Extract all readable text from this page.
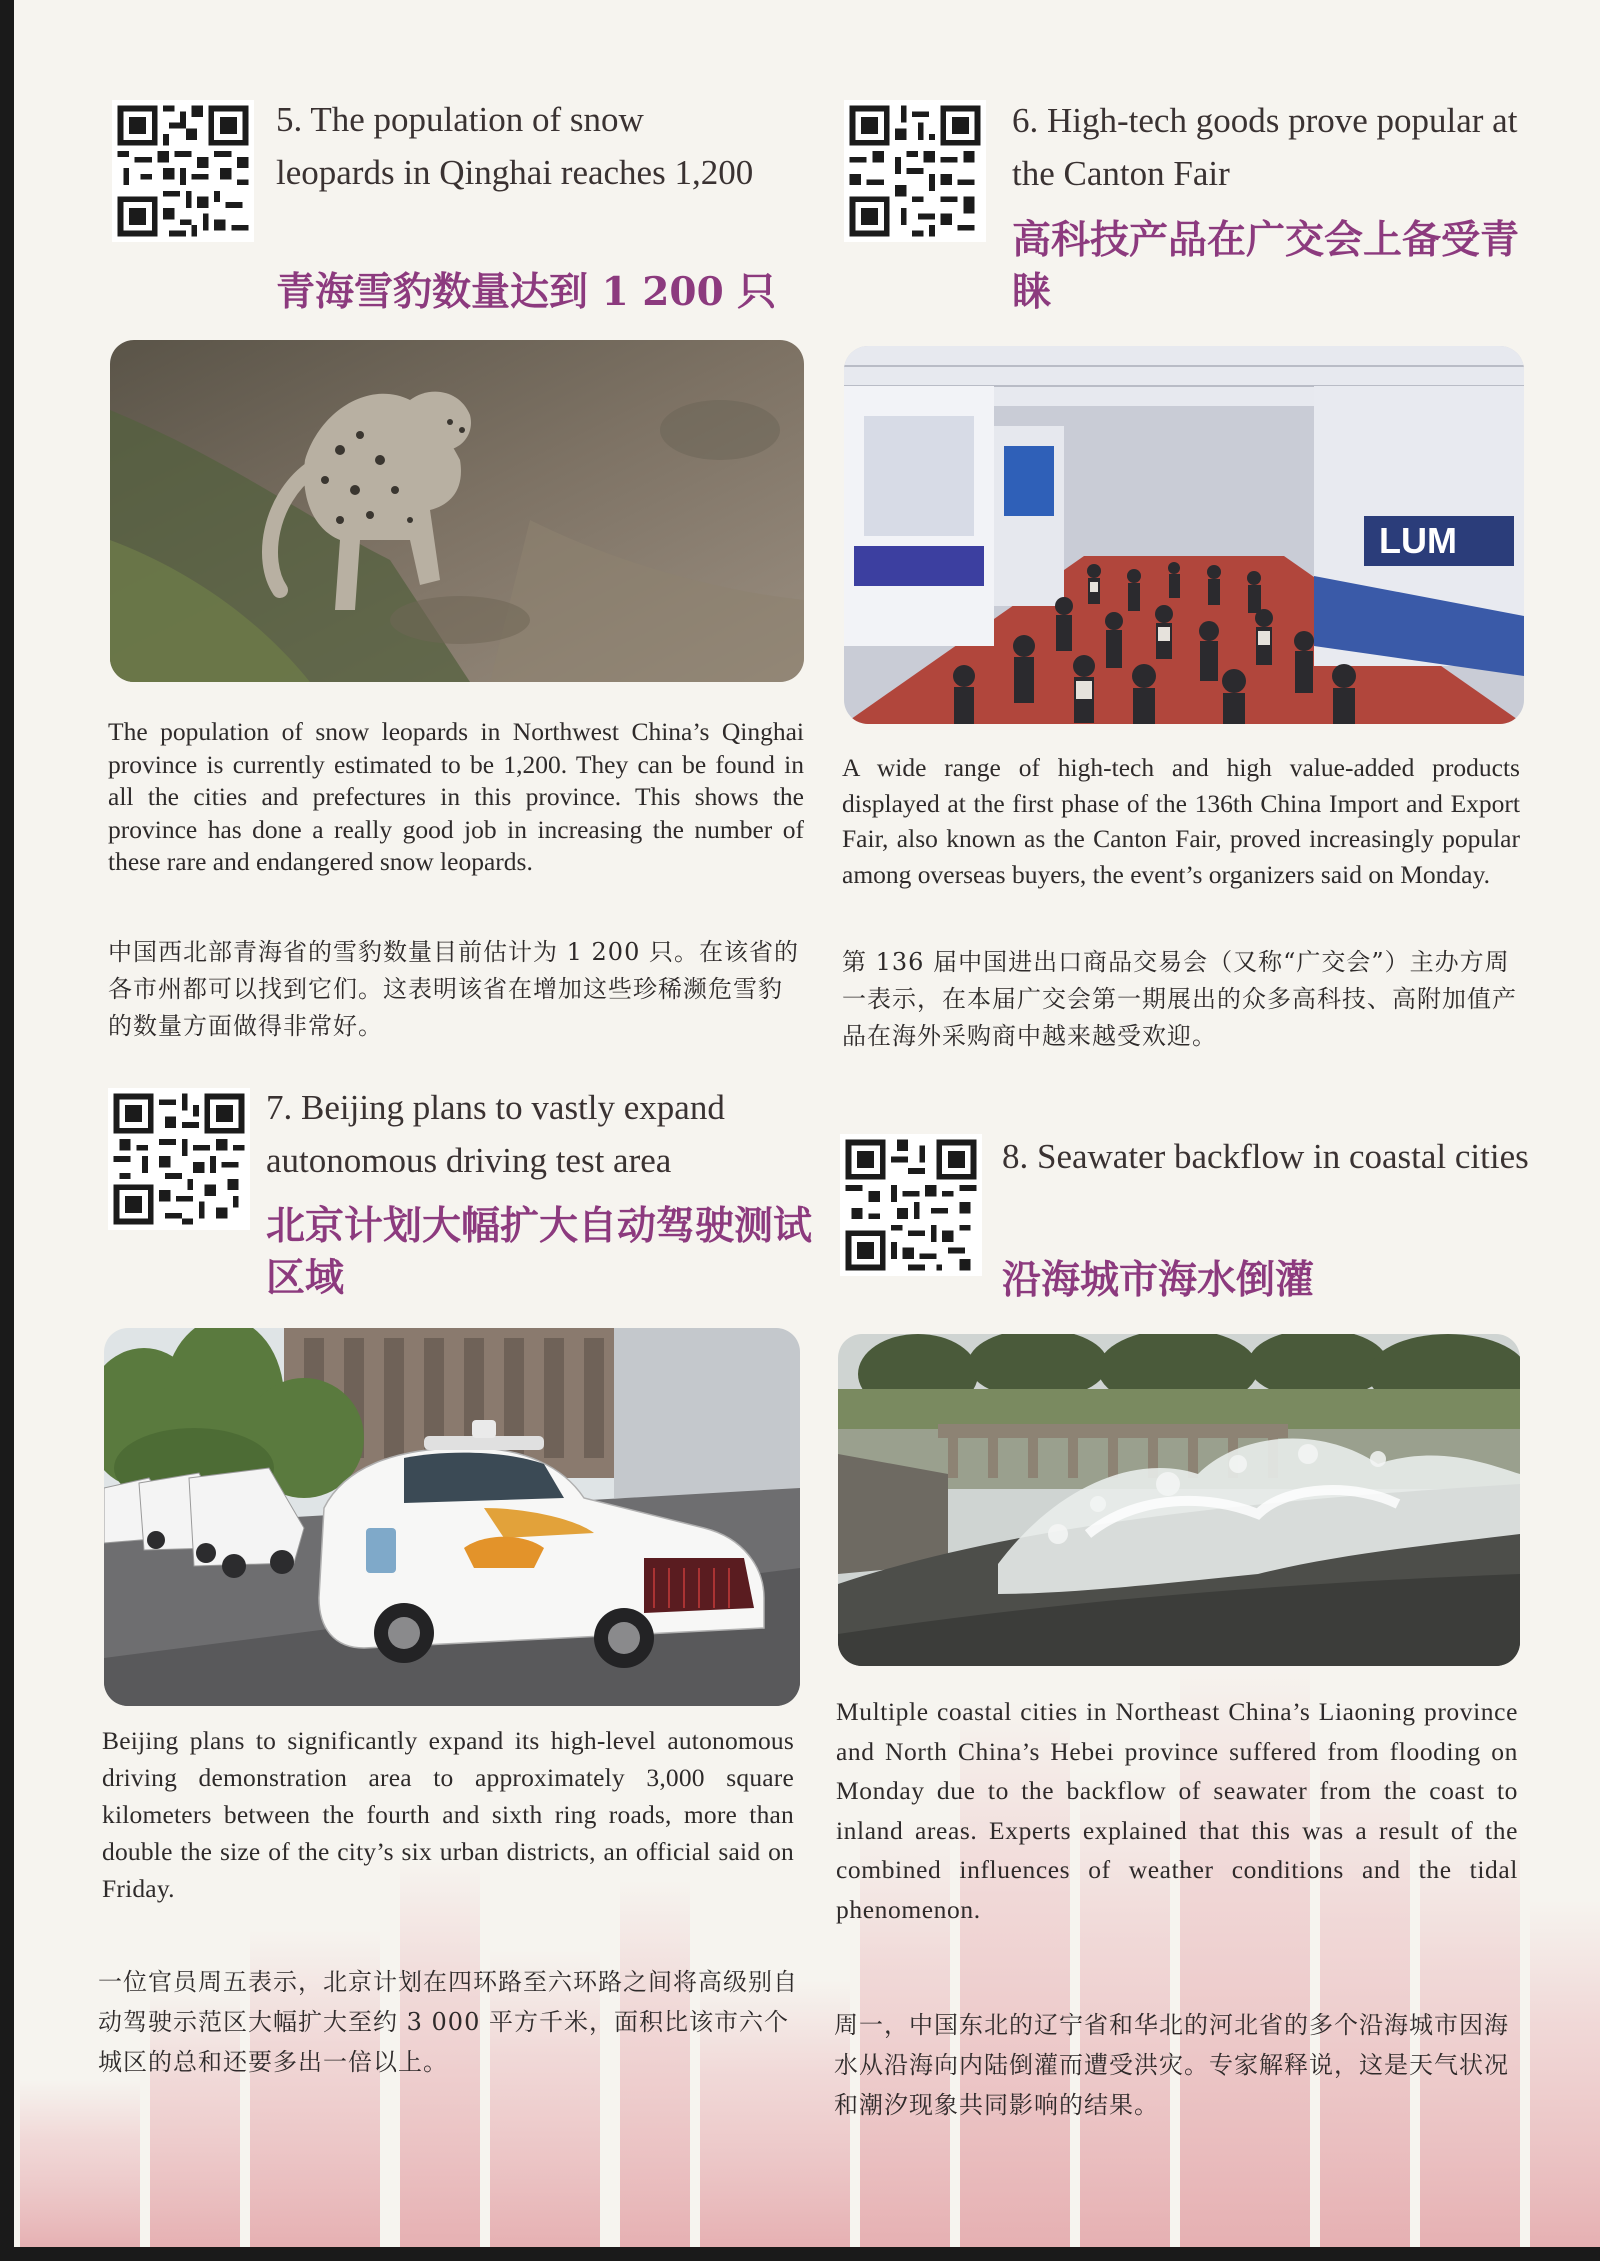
5. The population of snow leopards in Qinghai reaches 1,200
青海雪豹数量达到 1 200 只

The population of snow leopards in Northwest China’s Qinghai province is currently estimated to be 1,200. They can be found in all the cities and prefectures in this province. This shows the province has done a really good job in increasing the number of these rare and endangered snow leopards.

中国西北部青海省的雪豹数量目前估计为 1 200 只。在该省的各市州都可以找到它们。这表明该省在增加这些珍稀濒危雪豹的数量方面做得非常好。

6. High-tech goods prove popular at the Canton Fair
高科技产品在广交会上备受青睐
LUM

A wide range of high-tech and high value-added products displayed at the first phase of the 136th China Import and Export Fair, also known as the Canton Fair, proved increasingly popular among overseas buyers, the event’s organizers said on Monday.

第 136 届中国进出口商品交易会（又称“广交会”）主办方周一表示，在本届广交会第一期展出的众多高科技、高附加值产品在海外采购商中越来越受欢迎。

7. Beijing plans to vastly expand autonomous driving test area
北京计划大幅扩大自动驾驶测试区域

Beijing plans to significantly expand its high-level autonomous driving demonstration area to approximately 3,000 square kilometers between the fourth and sixth ring roads, more than double the size of the city’s six urban districts, an official said on Friday.

一位官员周五表示，北京计划在四环路至六环路之间将高级别自动驾驶示范区大幅扩大至约 3 000 平方千米，面积比该市六个城区的总和还要多出一倍以上。

8. Seawater backflow in coastal cities
沿海城市海水倒灌

Multiple coastal cities in Northeast China’s Liaoning province and North China’s Hebei province suffered from flooding on Monday due to the backflow of seawater from the coast to inland areas. Experts explained that this was a result of the combined influences of weather conditions and the tidal phenomenon.

周一，中国东北的辽宁省和华北的河北省的多个沿海城市因海水从沿海向内陆倒灌而遭受洪灾。专家解释说，这是天气状况和潮汐现象共同影响的结果。
